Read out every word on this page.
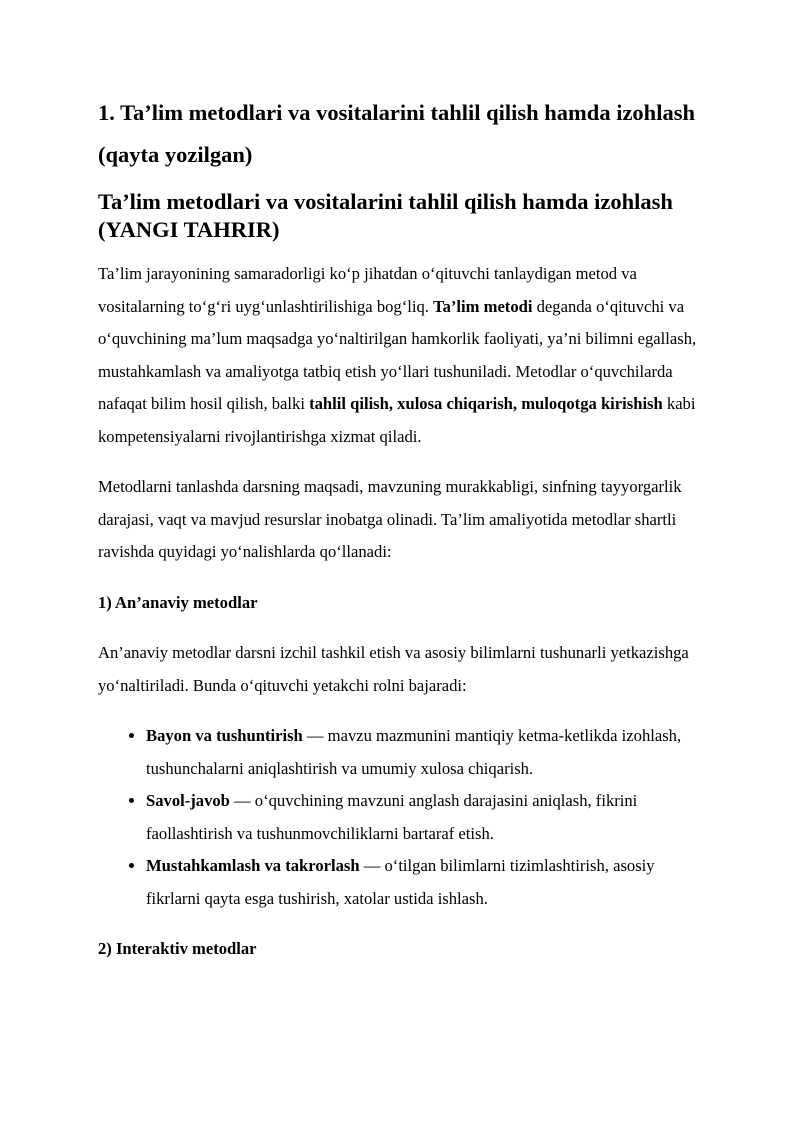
1. Ta’lim metodlari va vositalarini tahlil qilish hamda izohlash (qayta yozilgan)
Ta’lim metodlari va vositalarini tahlil qilish hamda izohlash (YANGI TAHRIR)

Ta’lim jarayonining samaradorligi koʻp jihatdan oʻqituvchi tanlaydigan metod va vositalarning toʻgʻri uygʻunlashtirilishiga bogʻliq. Ta’lim metodi deganda oʻqituvchi va oʻquvchining ma’lum maqsadga yoʻnaltirilgan hamkorlik faoliyati, ya’ni bilimni egallash, mustahkamlash va amaliyotga tatbiq etish yoʻllari tushuniladi. Metodlar oʻquvchilarda nafaqat bilim hosil qilish, balki tahlil qilish, xulosa chiqarish, muloqotga kirishish kabi kompetensiyalarni rivojlantirishga xizmat qiladi.

Metodlarni tanlashda darsning maqsadi, mavzuning murakkabligi, sinfning tayyorgarlik darajasi, vaqt va mavjud resurslar inobatga olinadi. Ta’lim amaliyotida metodlar shartli ravishda quyidagi yoʻnalishlarda qoʻllanadi:

1) An’anaviy metodlar

An’anaviy metodlar darsni izchil tashkil etish va asosiy bilimlarni tushunarli yetkazishga yoʻnaltiriladi. Bunda oʻqituvchi yetakchi rolni bajaradi:

• Bayon va tushuntirish — mavzu mazmunini mantiqiy ketma-ketlikda izohlash, tushunchalarni aniqlashtirish va umumiy xulosa chiqarish.
• Savol-javob — oʻquvchining mavzuni anglash darajasini aniqlash, fikrini faollashtirish va tushunmovchiliklarni bartaraf etish.
• Mustahkamlash va takrorlash — oʻtilgan bilimlarni tizimlashtirish, asosiy fikrlarni qayta esga tushirish, xatolar ustida ishlash.

2) Interaktiv metodlar
